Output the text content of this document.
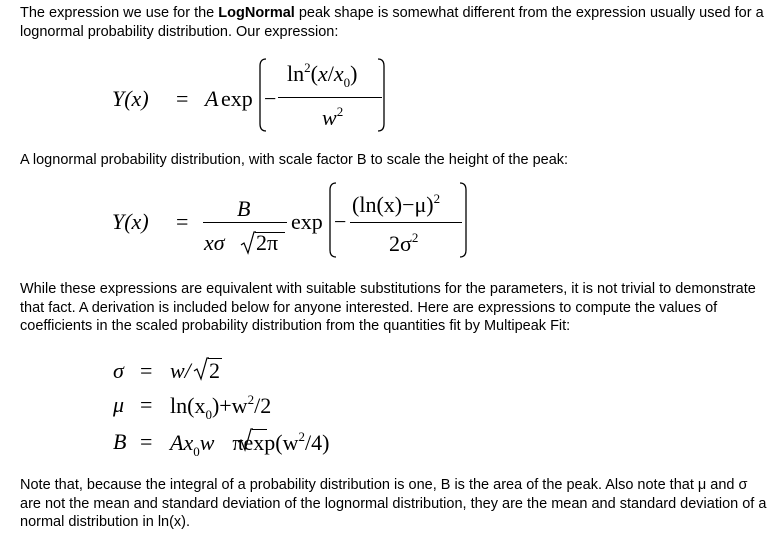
The expression we use for the LogNormal peak shape is somewhat different from the expression usually used for a lognormal probability distribution. Our expression:

Y(x) = A exp −
$\ln^2(x/x_0)$
$w^2$

A lognormal probability distribution, with scale factor B to scale the height of the peak:

Y(x) =
B
xσ 2π
exp −
$(\ln(x)-\mu)^2$
$2\sigma^2$

While these expressions are equivalent with suitable substitutions for the parameters, it is not trivial to demonstrate that fact. A derivation is included below for anyone interested. Here are expressions to compute the values of coefficients in the scaled probability distribution from the quantities fit by Multipeak Fit:

σ = w/ 2
$\mu = \ln(x_0)+w^2/2$
$B = Ax_0w$ $\pi\exp(w^2/4)$

Note that, because the integral of a probability distribution is one, B is the area of the peak. Also note that μ and σ are not the mean and standard deviation of the lognormal distribution, they are the mean and standard deviation of a normal distribution in ln(x).
